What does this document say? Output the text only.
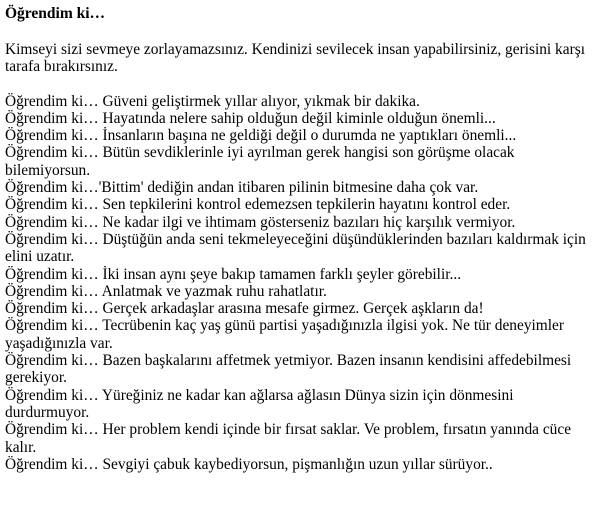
Öğrendim ki…

Kimseyi sizi sevmeye zorlayamazsınız. Kendinizi sevilecek insan yapabilirsiniz, gerisini karşı tarafa bırakırsınız.

Öğrendim ki… Güveni geliştirmek yıllar alıyor, yıkmak bir dakika.
Öğrendim ki… Hayatında nelere sahip olduğun değil kiminle olduğun önemli...
Öğrendim ki… İnsanların başına ne geldiği değil o durumda ne yaptıkları önemli...
Öğrendim ki… Bütün sevdiklerinle iyi ayrılman gerek hangisi son görüşme olacak bilemiyorsun.
Öğrendim ki…'Bittim' dediğin andan itibaren pilinin bitmesine daha çok var.
Öğrendim ki… Sen tepkilerini kontrol edemezsen tepkilerin hayatını kontrol eder.
Öğrendim ki… Ne kadar ilgi ve ihtimam gösterseniz bazıları hiç karşılık vermiyor.
Öğrendim ki… Düştüğün anda seni tekmeleyeceğini düşündüklerinden bazıları kaldırmak için elini uzatır.
Öğrendim ki… İki insan aynı şeye bakıp tamamen farklı şeyler görebilir...
Öğrendim ki… Anlatmak ve yazmak ruhu rahatlatır.
Öğrendim ki… Gerçek arkadaşlar arasına mesafe girmez. Gerçek aşkların da!
Öğrendim ki… Tecrübenin kaç yaş günü partisi yaşadığınızla ilgisi yok. Ne tür deneyimler yaşadığınızla var.
Öğrendim ki… Bazen başkalarını affetmek yetmiyor. Bazen insanın kendisini affedebilmesi gerekiyor.
Öğrendim ki… Yüreğiniz ne kadar kan ağlarsa ağlasın Dünya sizin için dönmesini durdurmuyor.
Öğrendim ki… Her problem kendi içinde bir fırsat saklar. Ve problem, fırsatın yanında cüce kalır.
Öğrendim ki… Sevgiyi çabuk kaybediyorsun, pişmanlığın uzun yıllar sürüyor..
